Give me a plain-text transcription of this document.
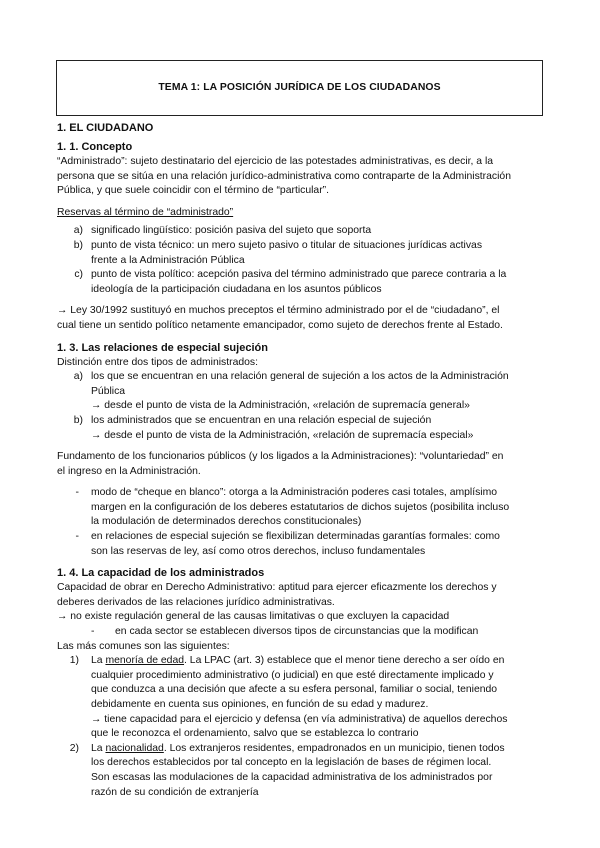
TEMA 1: LA POSICIÓN JURÍDICA DE LOS CIUDADANOS

1. EL CIUDADANO

1. 1. Concepto

“Administrado”: sujeto destinatario del ejercicio de las potestades administrativas, es decir, a la

persona que se sitúa en una relación jurídico-administrativa como contraparte de la Administración

Pública, y que suele coincidir con el término de “particular”.

Reservas al término de “administrado”

a) significado lingüístico: posición pasiva del sujeto que soporta

b) punto de vista técnico: un mero sujeto pasivo o titular de situaciones jurídicas activas

frente a la Administración Pública

c) punto de vista político: acepción pasiva del término administrado que parece contraria a la

ideología de la participación ciudadana en los asuntos públicos

→ Ley 30/1992 sustituyó en muchos preceptos el término administrado por el de “ciudadano”, el

cual tiene un sentido político netamente emancipador, como sujeto de derechos frente al Estado.

1. 3. Las relaciones de especial sujeción

Distinción entre dos tipos de administrados:

a) los que se encuentran en una relación general de sujeción a los actos de la Administración

Pública

→ desde el punto de vista de la Administración, «relación de supremacía general»

b) los administrados que se encuentran en una relación especial de sujeción

→ desde el punto de vista de la Administración, «relación de supremacía especial»

Fundamento de los funcionarios públicos (y los ligados a la Administraciones): “voluntariedad” en

el ingreso en la Administración.

-	modo de “cheque en blanco”: otorga a la Administración poderes casi totales, amplísimo

margen en la configuración de los deberes estatutarios de dichos sujetos (posibilita incluso

la modulación de determinados derechos constitucionales)

-	en relaciones de especial sujeción se flexibilizan determinadas garantías formales: como

son las reservas de ley, así como otros derechos, incluso fundamentales

1. 4. La capacidad de los administrados

Capacidad de obrar en Derecho Administrativo: aptitud para ejercer eficazmente los derechos y

deberes derivados de las relaciones jurídico administrativas.

→ no existe regulación general de las causas limitativas o que excluyen la capacidad

-	en cada sector se establecen diversos tipos de circunstancias que la modifican

Las más comunes son las siguientes:

1)	La menoría de edad. La LPAC (art. 3) establece que el menor tiene derecho a ser oído en

cualquier procedimiento administrativo (o judicial) en que esté directamente implicado y

que conduzca a una decisión que afecte a su esfera personal, familiar o social, teniendo

debidamente en cuenta sus opiniones, en función de su edad y madurez.

→ tiene capacidad para el ejercicio y defensa (en vía administrativa) de aquellos derechos

que le reconozca el ordenamiento, salvo que se establezca lo contrario

2)	La nacionalidad. Los extranjeros residentes, empadronados en un municipio, tienen todos

los derechos establecidos por tal concepto en la legislación de bases de régimen local.

Son escasas las modulaciones de la capacidad administrativa de los administrados por

razón de su condición de extranjería
